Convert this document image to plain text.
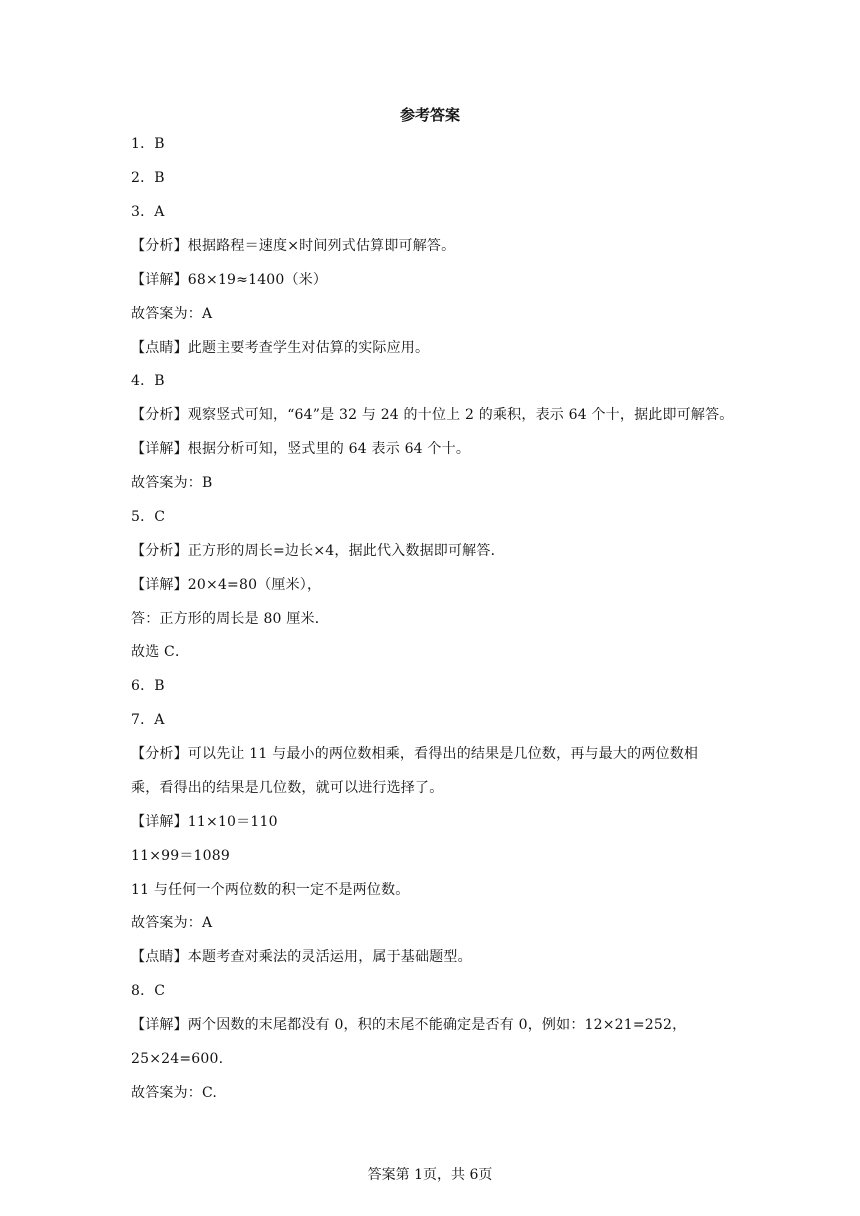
参考答案
1．B
2．B
3．A
【分析】根据路程＝速度×时间列式估算即可解答。
【详解】68×19≈1400（米）
故答案为：A
【点睛】此题主要考查学生对估算的实际应用。
4．B
【分析】观察竖式可知，“64”是 32 与 24 的十位上 2 的乘积，表示 64 个十，据此即可解答。
【详解】根据分析可知，竖式里的 64 表示 64 个十。
故答案为：B
5．C
【分析】正方形的周长=边长×4，据此代入数据即可解答．
【详解】20×4=80（厘米），
答：正方形的周长是 80 厘米．
故选 C．
6．B
7．A
【分析】可以先让 11 与最小的两位数相乘，看得出的结果是几位数，再与最大的两位数相
乘，看得出的结果是几位数，就可以进行选择了。
【详解】11×10＝110
11×99＝1089
11 与任何一个两位数的积一定不是两位数。
故答案为：A
【点睛】本题考查对乘法的灵活运用，属于基础题型。
8．C
【详解】两个因数的末尾都没有 0，积的末尾不能确定是否有 0，例如：12×21=252，
25×24=600.
故答案为：C.
答案第 1页，共 6页
